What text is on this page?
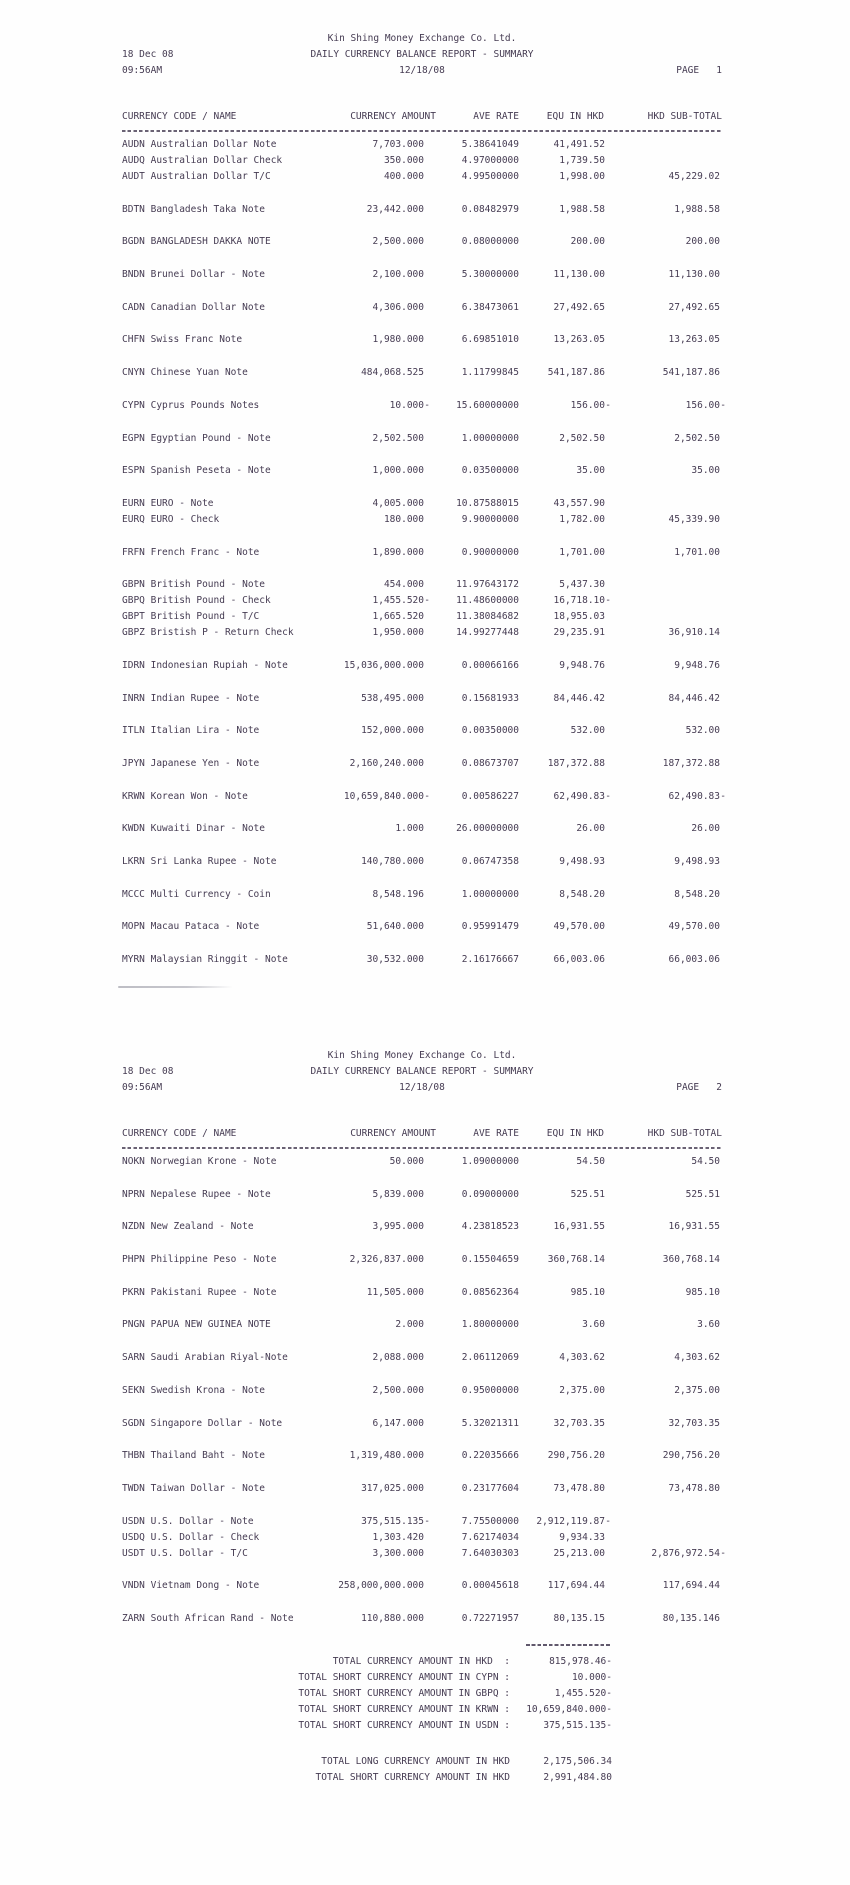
Kin Shing Money Exchange Co. Ltd.
18 Dec 08	DAILY CURRENCY BALANCE REPORT - SUMMARY
09:56AM	12/18/08	PAGE   1
CURRENCY CODE / NAME	CURRENCY AMOUNT	AVE RATE	EQU IN HKD	HKD SUB-TOTAL
AUDN Australian Dollar Note	7,703.000	5.38641049	41,491.52
AUDQ Australian Dollar Check	350.000	4.97000000	1,739.50
AUDT Australian Dollar T/C	400.000	4.99500000	1,998.00	45,229.02
BDTN Bangladesh Taka Note	23,442.000	0.08482979	1,988.58	1,988.58
BGDN BANGLADESH DAKKA NOTE	2,500.000	0.08000000	200.00	200.00
BNDN Brunei Dollar - Note	2,100.000	5.30000000	11,130.00	11,130.00
CADN Canadian Dollar Note	4,306.000	6.38473061	27,492.65	27,492.65
CHFN Swiss Franc Note	1,980.000	6.69851010	13,263.05	13,263.05
CNYN Chinese Yuan Note	484,068.525	1.11799845	541,187.86	541,187.86
CYPN Cyprus Pounds Notes	10.000 -	15.60000000	156.00 -	156.00 -
EGPN Egyptian Pound - Note	2,502.500	1.00000000	2,502.50	2,502.50
ESPN Spanish Peseta - Note	1,000.000	0.03500000	35.00	35.00
EURN EURO - Note	4,005.000	10.87588015	43,557.90
EURQ EURO - Check	180.000	9.90000000	1,782.00	45,339.90
FRFN French Franc - Note	1,890.000	0.90000000	1,701.00	1,701.00
GBPN British Pound - Note	454.000	11.97643172	5,437.30
GBPQ British Pound - Check	1,455.520 -	11.48600000	16,718.10 -
GBPT British Pound - T/C	1,665.520	11.38084682	18,955.03
GBPZ Bristish P - Return Check	1,950.000	14.99277448	29,235.91	36,910.14
IDRN Indonesian Rupiah - Note	15,036,000.000	0.00066166	9,948.76	9,948.76
INRN Indian Rupee - Note	538,495.000	0.15681933	84,446.42	84,446.42
ITLN Italian Lira - Note	152,000.000	0.00350000	532.00	532.00
JPYN Japanese Yen - Note	2,160,240.000	0.08673707	187,372.88	187,372.88
KRWN Korean Won - Note	10,659,840.000 -	0.00586227	62,490.83 -	62,490.83 -
KWDN Kuwaiti Dinar - Note	1.000	26.00000000	26.00	26.00
LKRN Sri Lanka Rupee - Note	140,780.000	0.06747358	9,498.93	9,498.93
MCCC Multi Currency - Coin	8,548.196	1.00000000	8,548.20	8,548.20
MOPN Macau Pataca - Note	51,640.000	0.95991479	49,570.00	49,570.00
MYRN Malaysian Ringgit - Note	30,532.000	2.16176667	66,003.06	66,003.06
Kin Shing Money Exchange Co. Ltd.
18 Dec 08	DAILY CURRENCY BALANCE REPORT - SUMMARY
09:56AM	12/18/08	PAGE   2
CURRENCY CODE / NAME	CURRENCY AMOUNT	AVE RATE	EQU IN HKD	HKD SUB-TOTAL
NOKN Norwegian Krone - Note	50.000	1.09000000	54.50	54.50
NPRN Nepalese Rupee - Note	5,839.000	0.09000000	525.51	525.51
NZDN New Zealand - Note	3,995.000	4.23818523	16,931.55	16,931.55
PHPN Philippine Peso - Note	2,326,837.000	0.15504659	360,768.14	360,768.14
PKRN Pakistani Rupee - Note	11,505.000	0.08562364	985.10	985.10
PNGN PAPUA NEW GUINEA NOTE	2.000	1.80000000	3.60	3.60
SARN Saudi Arabian Riyal-Note	2,088.000	2.06112069	4,303.62	4,303.62
SEKN Swedish Krona - Note	2,500.000	0.95000000	2,375.00	2,375.00
SGDN Singapore Dollar - Note	6,147.000	5.32021311	32,703.35	32,703.35
THBN Thailand Baht - Note	1,319,480.000	0.22035666	290,756.20	290,756.20
TWDN Taiwan Dollar - Note	317,025.000	0.23177604	73,478.80	73,478.80
USDN U.S. Dollar - Note	375,515.135 -	7.75500000	2,912,119.87 -
USDQ U.S. Dollar - Check	1,303.420	7.62174034	9,934.33
USDT U.S. Dollar - T/C	3,300.000	7.64030303	25,213.00	2,876,972.54 -
VNDN Vietnam Dong - Note	258,000,000.000	0.00045618	117,694.44	117,694.44
ZARN South African Rand - Note	110,880.000	0.72271957	80,135.15	80,135.146
TOTAL CURRENCY AMOUNT IN HKD  :	815,978.46-
TOTAL SHORT CURRENCY AMOUNT IN CYPN :	10.000-
TOTAL SHORT CURRENCY AMOUNT IN GBPQ :	1,455.520-
TOTAL SHORT CURRENCY AMOUNT IN KRWN :	10,659,840.000-
TOTAL SHORT CURRENCY AMOUNT IN USDN :	375,515.135-
TOTAL LONG CURRENCY AMOUNT IN HKD	2,175,506.34
TOTAL SHORT CURRENCY AMOUNT IN HKD	2,991,484.80
